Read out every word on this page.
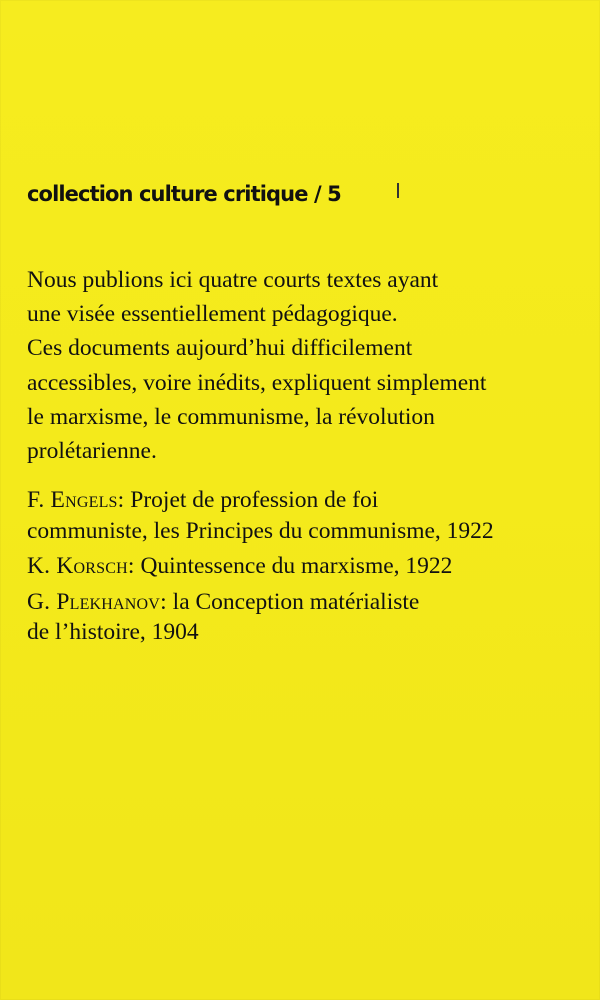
collection culture critique / 5

Nous publions ici quatre courts textes ayant
une visée essentiellement pédagogique.
Ces documents aujourd’hui difficilement
accessibles, voire inédits, expliquent simplement
le marxisme, le communisme, la révolution
prolétarienne.

F. Engels: Projet de profession de foi
communiste, les Principes du communisme, 1922
K. Korsch: Quintessence du marxisme, 1922
G. Plekhanov: la Conception matérialiste
de l’histoire, 1904
